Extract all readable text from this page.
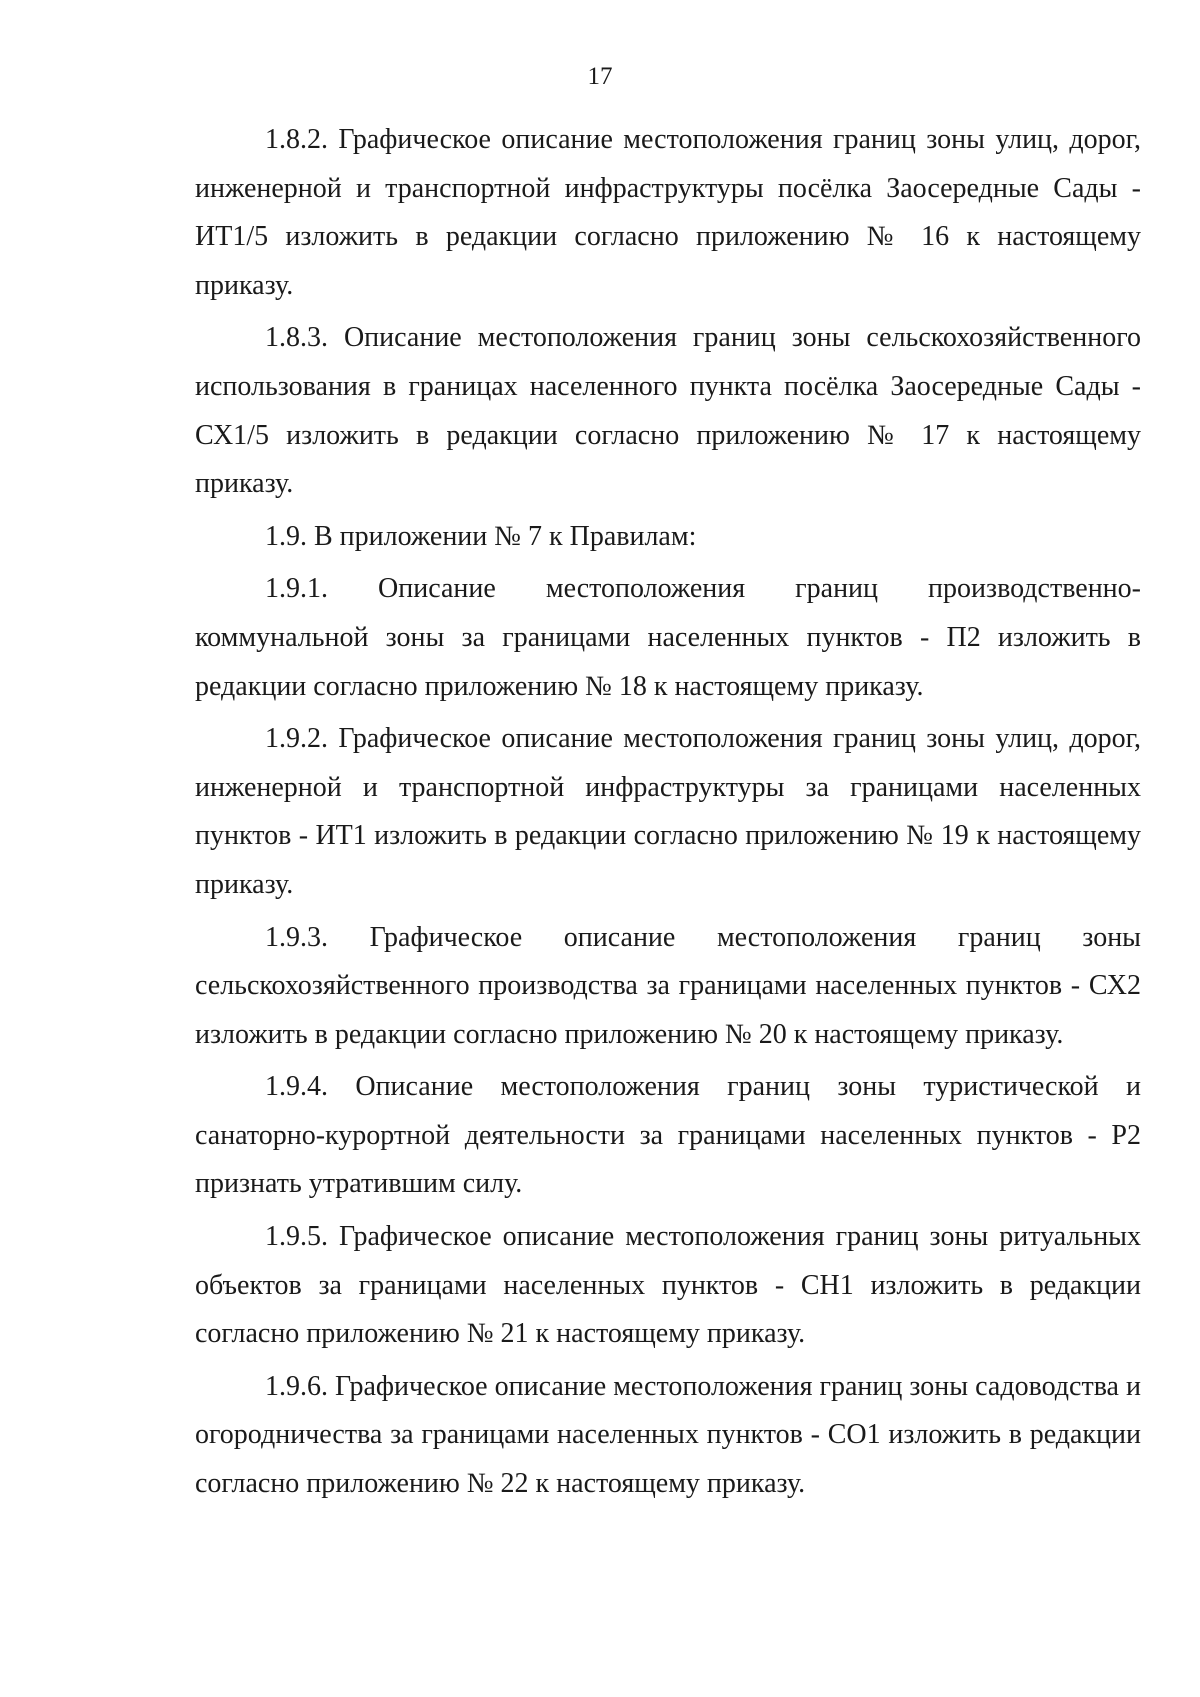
17

1.8.2. Графическое описание местоположения границ зоны улиц, дорог, инженерной и транспортной инфраструктуры посёлка Заосередные Сады - ИТ1/5 изложить в редакции согласно приложению № 16 к настоящему приказу.

1.8.3. Описание местоположения границ зоны сельскохозяйственного использования в границах населенного пункта посёлка Заосередные Сады - СХ1/5 изложить в редакции согласно приложению № 17 к настоящему приказу.

1.9. В приложении № 7 к Правилам:

1.9.1. Описание местоположения границ производственно-коммунальной зоны за границами населенных пунктов - П2 изложить в редакции согласно приложению № 18 к настоящему приказу.

1.9.2. Графическое описание местоположения границ зоны улиц, дорог, инженерной и транспортной инфраструктуры за границами населенных пунктов - ИТ1 изложить в редакции согласно приложению № 19 к настоящему приказу.

1.9.3. Графическое описание местоположения границ зоны сельскохозяйственного производства за границами населенных пунктов - СХ2 изложить в редакции согласно приложению № 20 к настоящему приказу.

1.9.4. Описание местоположения границ зоны туристической и санаторно-курортной деятельности за границами населенных пунктов - Р2 признать утратившим силу.

1.9.5. Графическое описание местоположения границ зоны ритуальных объектов за границами населенных пунктов - СН1 изложить в редакции согласно приложению № 21 к настоящему приказу.

1.9.6. Графическое описание местоположения границ зоны садоводства и огородничества за границами населенных пунктов - СО1 изложить в редакции согласно приложению № 22 к настоящему приказу.
